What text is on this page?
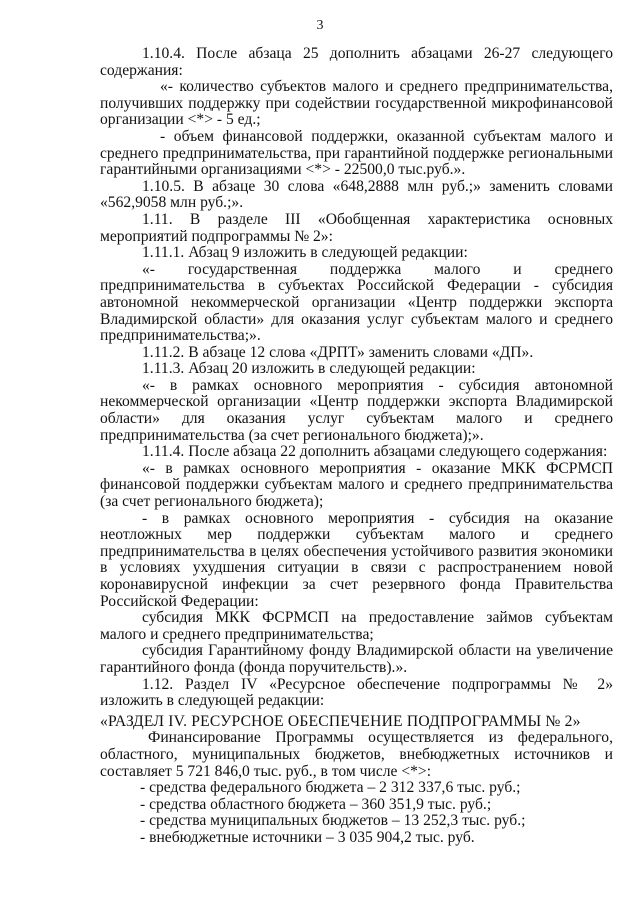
3

1.10.4. После абзаца 25 дополнить абзацами 26-27 следующего содержания:

«- количество субъектов малого и среднего предпринимательства, получивших поддержку при содействии государственной микрофинансовой организации <*> - 5 ед.;

- объем финансовой поддержки, оказанной субъектам малого и среднего предпринимательства, при гарантийной поддержке региональными гарантийными организациями <*> - 22500,0 тыс.руб.».

1.10.5. В абзаце 30 слова «648,2888 млн руб.;» заменить словами «562,9058 млн руб.;».

1.11. В разделе III «Обобщенная характеристика основных мероприятий подпрограммы № 2»:

1.11.1. Абзац 9 изложить в следующей редакции:

«- государственная поддержка малого и среднего предпринимательства в субъектах Российской Федерации - субсидия автономной некоммерческой организации «Центр поддержки экспорта Владимирской области» для оказания услуг субъектам малого и среднего предпринимательства;».

1.11.2. В абзаце 12 слова «ДРПТ» заменить словами «ДП».

1.11.3. Абзац 20 изложить в следующей редакции:

«- в рамках основного мероприятия - субсидия автономной некоммерческой организации «Центр поддержки экспорта Владимирской области» для оказания услуг субъектам малого и среднего предпринимательства (за счет регионального бюджета);».

1.11.4. После абзаца 22 дополнить абзацами следующего содержания:

«- в рамках основного мероприятия - оказание МКК ФСРМСП финансовой поддержки субъектам малого и среднего предпринимательства (за счет регионального бюджета);

- в рамках основного мероприятия - субсидия на оказание неотложных мер поддержки субъектам малого и среднего предпринимательства в целях обеспечения устойчивого развития экономики в условиях ухудшения ситуации в связи с распространением новой коронавирусной инфекции за счет резервного фонда Правительства Российской Федерации:

субсидия МКК ФСРМСП на предоставление займов субъектам малого и среднего предпринимательства;

субсидия Гарантийному фонду Владимирской области на увеличение гарантийного фонда (фонда поручительств).».

1.12. Раздел IV «Ресурсное обеспечение подпрограммы № 2» изложить в следующей редакции:

«РАЗДЕЛ IV. РЕСУРСНОЕ ОБЕСПЕЧЕНИЕ ПОДПРОГРАММЫ № 2»

Финансирование Программы осуществляется из федерального, областного, муниципальных бюджетов, внебюджетных источников и составляет 5 721 846,0 тыс. руб., в том числе <*>:

- средства федерального бюджета – 2 312 337,6 тыс. руб.;

- средства областного бюджета – 360 351,9 тыс. руб.;

- средства муниципальных бюджетов – 13 252,3 тыс. руб.;

- внебюджетные источники – 3 035 904,2 тыс. руб.
